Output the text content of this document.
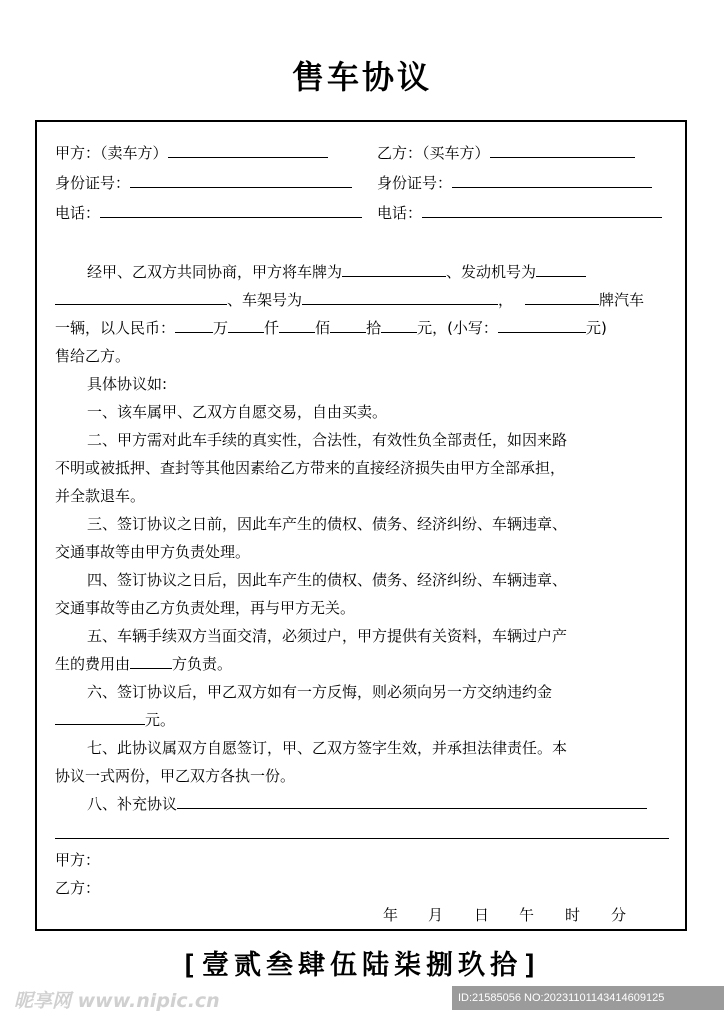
售车协议
甲方：（卖车方）	乙方：（买车方）
身份证号：	身份证号：
电话：	电话：
经甲、乙双方共同协商，甲方将车牌为	、发动机号为
、车架号为	，	牌汽车
一辆，以人民币：	万 仟 佰 拾 元，(小写：	元)
售给乙方。
具体协议如:
一、该车属甲、乙双方自愿交易，自由买卖。
二、甲方需对此车手续的真实性，合法性，有效性负全部责任，如因来路
不明或被抵押、查封等其他因素给乙方带来的直接经济损失由甲方全部承担，
并全款退车。
三、签订协议之日前，因此车产生的债权、债务、经济纠纷、车辆违章、
交通事故等由甲方负责处理。
四、签订协议之日后，因此车产生的债权、债务、经济纠纷、车辆违章、
交通事故等由乙方负责处理，再与甲方无关。
五、车辆手续双方当面交清，必须过户，甲方提供有关资料，车辆过户产
生的费用由	方负责。
六、签订协议后，甲乙双方如有一方反悔，则必须向另一方交纳违约金
元。
七、此协议属双方自愿签订，甲、乙双方签字生效，并承担法律责任。本
协议一式两份，甲乙双方各执一份。
八、补充协议
甲方：
乙方：
年 月 日 午 时 分
[壹贰叁肆伍陆柒捌玖拾]
昵享网 www.nipic.cn	ID:21585056 NO:20231101143414609125
